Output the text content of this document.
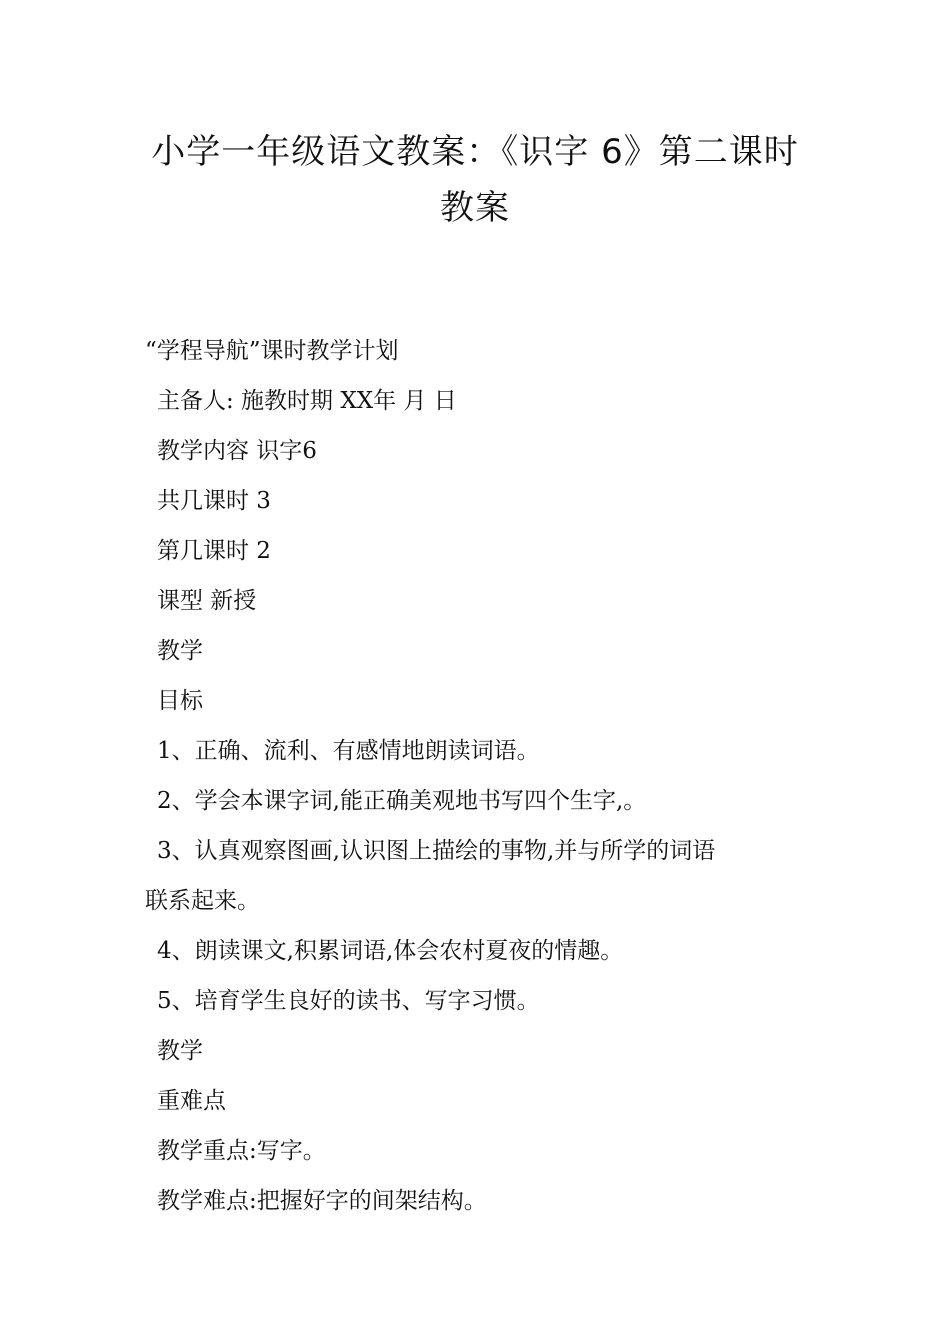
小学一年级语文教案：《识字 6》第二课时
教案

“学程导航”课时教学计划

主备人: 施教时期 XX年 月 日

教学内容 识字6

共几课时 3

第几课时 2

课型 新授

教学

目标

1、正确、流利、有感情地朗读词语。

2、学会本课字词,能正确美观地书写四个生字,。

3、认真观察图画,认识图上描绘的事物,并与所学的词语

联系起来。

4、朗读课文,积累词语,体会农村夏夜的情趣。

5、培育学生良好的读书、写字习惯。

教学

重难点

教学重点:写字。

教学难点:把握好字的间架结构。
